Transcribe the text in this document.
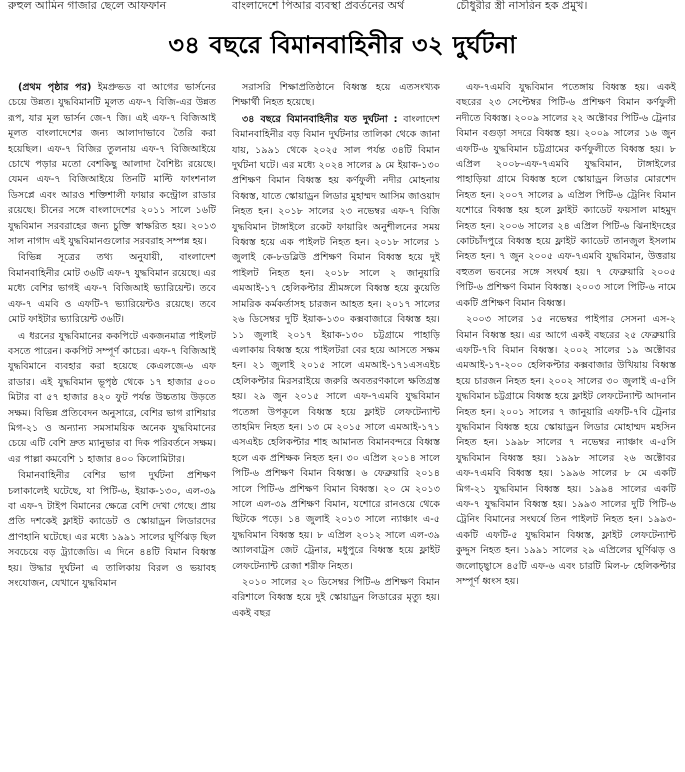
রুহুল আমিন গাজার ছেলে আফফান	বাংলাদেশে পিআর ব্যবস্থা প্রবর্তনের অর্থ	চৌধুরীর স্ত্রী নাসরিন হক প্রমুখ।
৩৪ বছরে বিমানবাহিনীর ৩২ দুর্ঘটনা

(প্রথম পৃষ্ঠার পর) ইমপ্রুভড বা আগের ভার্সনের চেয়ে উন্নত। যুদ্ধবিমানটি মূলত এফ-৭ বিজি-এর উন্নত রূপ, যার মূল ভার্সন জে-৭ জি। এই এফ-৭ বিজিআই মূলত বাংলাদেশের জন্য আলাদাভাবে তৈরি করা হয়েছিল। এফ-৭ বিজির তুলনায় এফ-৭ বিজিআইয়ে চোখে পড়ার মতো বেশকিছু আলাদা বৈশিষ্ট্য রয়েছে। যেমন এফ-৭ বিজিআইয়ে তিনটি মাল্টি ফাংশনাল ডিসপ্লে এবং আরও শক্তিশালী ফায়ার কন্ট্রোল রাডার রয়েছে। চীনের সঙ্গে বাংলাদেশের ২০১১ সালে ১৬টি যুদ্ধবিমান সরবরাহের জন্য চুক্তি স্বাক্ষরিত হয়। ২০১৩ সাল নাগাদ এই যুদ্ধবিমানগুলোর সরবরাহ সম্পন্ন হয়।

বিভিন্ন সূত্রের তথ্য অনুযায়ী, বাংলাদেশ বিমানবাহিনীর মোট ৩৬টি এফ-৭ যুদ্ধবিমান রয়েছে। এর মধ্যে বেশির ভাগই এফ-৭ বিজিআই ভ্যারিয়েন্ট। তবে এফ-৭ এমবি ও এফটি-৭ ভ্যারিয়েন্টও রয়েছে। তবে মোট ফাইটার ভ্যারিয়েন্ট ৩৬টি।

এ ধরনের যুদ্ধবিমানের ককপিটে একজনমাত্র পাইলট বসতে পারেন। ককপিট সম্পূর্ণ কাচের। এফ-৭ বিজিআই যুদ্ধবিমানে ব্যবহার করা হয়েছে কেএলজে-৬ এফ রাডার। এই যুদ্ধবিমান ভূপৃষ্ঠ থেকে ১৭ হাজার ৫০০ মিটার বা ৫৭ হাজার ৪২০ ফুট পর্যন্ত উচ্চতায় উড়তে সক্ষম। বিভিন্ন প্রতিবেদন অনুসারে, বেশির ভাগ রাশিয়ার মিগ-২১ ও অন্যান্য সমসাময়িক অনেক যুদ্ধবিমানের চেয়ে এটি বেশি দ্রুত ম্যানুভার বা দিক পরিবর্তনে সক্ষম। এর পাল্লা কমবেশি ১ হাজার ৪০০ কিলোমিটার।

বিমানবাহিনীর বেশির ভাগ দুর্ঘটনা প্রশিক্ষণ চলাকালেই ঘটেছে, যা পিটি-৬, ইয়াক-১৩০, এল-৩৯ বা এফ-৭ টাইপ বিমানের ক্ষেত্রে বেশি দেখা গেছে। প্রায় প্রতি দশকেই ফ্লাইট ক্যাডেট ও স্কোয়াড্রন লিডারদের প্রাণহানি ঘটেছে। এর মধ্যে ১৯৯১ সালের ঘূর্ণিঝড় ছিল সবচেয়ে বড় ট্র্যাজেডি। এ দিনে ৪৪টি বিমান বিধ্বস্ত হয়। উদ্ধার দুর্ঘটনা এ তালিকায় বিরল ও ভয়াবহ সংযোজন, যেখানে যুদ্ধবিমান

সরাসরি শিক্ষাপ্রতিষ্ঠানে বিধ্বস্ত হয়ে এতসংখ্যক শিক্ষার্থী নিহত হয়েছে।

৩৪ বছরে বিমানবাহিনীর যত দুর্ঘটনা : বাংলাদেশ বিমানবাহিনীর বড় বিমান দুর্ঘটনার তালিকা থেকে জানা যায়, ১৯৯১ থেকে ২০২৫ সাল পর্যন্ত ৩৪টি বিমান দুর্ঘটনা ঘটে। এর মধ্যে ২০২৪ সালের ৯ মে ইয়াক-১৩০ প্রশিক্ষণ বিমান বিধ্বস্ত হয় কর্ণফুলী নদীর মোহনায় বিধ্বস্ত, যাতে স্কোয়াড্রন লিডার মুহাম্মদ আসিম জাওয়াদ নিহত হন। ২০১৮ সালের ২৩ নভেম্বর এফ-৭ বিজি যুদ্ধবিমান টাঙ্গাইলে রকেট ফায়ারিং অনুশীলনের সময় বিধ্বস্ত হয়ে এক পাইলট নিহত হন। ২০১৮ সালের ১ জুলাই কে-৮ডব্লিউ প্রশিক্ষণ বিমান বিধ্বস্ত হয়ে দুই পাইলট নিহত হন। ২০১৮ সালে ২ জানুয়ারি এমআই-১৭ হেলিকপ্টার শ্রীমঙ্গলে বিধ্বস্ত হয়ে কুয়েতি সামরিক কর্মকর্তাসহ চারজন আহত হন। ২০১৭ সালের ২৬ ডিসেম্বর দুটি ইয়াক-১৩০ কক্সবাজারে বিধ্বস্ত হয়। ১১ জুলাই ২০১৭ ইয়াক-১৩০ চট্টগ্রামে পাহাড়ি এলাকায় বিধ্বস্ত হয়ে পাইলটরা বের হয়ে আসতে সক্ষম হন। ২১ জুলাই ২০১৫ সালে এমআই-১৭১এসএইচ হেলিকপ্টার মিরসরাইয়ে জরুরি অবতরণকালে ক্ষতিগ্রস্ত হয়। ২৯ জুন ২০১৫ সালে এফ-৭এমবি যুদ্ধবিমান পতেঙ্গা উপকূলে বিধ্বস্ত হয়ে ফ্লাইট লেফটেন্যান্ট তাহমিদ নিহত হন। ১৩ মে ২০১৫ সালে এমআই-১৭১ এসএইচ হেলিকপ্টার শাহ আমানত বিমানবন্দরে বিধ্বস্ত হলে এক প্রশিক্ষক নিহত হন। ৩০ এপ্রিল ২০১৪ সালে পিটি-৬ প্রশিক্ষণ বিমান বিধ্বস্ত। ৬ ফেব্রুয়ারি ২০১৪ সালে পিটি-৬ প্রশিক্ষণ বিমান বিধ্বস্ত। ২০ মে ২০১৩ সালে এল-৩৯ প্রশিক্ষণ বিমান, যশোরে রানওয়ে থেকে ছিটকে পড়ে। ১৪ জুলাই ২০১৩ সালে ন্যাঞ্চাং এ-৫ যুদ্ধবিমান বিধ্বস্ত হয়। ৮ এপ্রিল ২০১২ সালে এল-৩৯ অ্যালবাট্রস জেট ট্রেনার, মধুপুরে বিধ্বস্ত হয়ে ফ্লাইট লেফটেন্যান্ট রেজা শরীফ নিহত।

২০১০ সালের ২০ ডিসেম্বর পিটি-৬ প্রশিক্ষণ বিমান বরিশালে বিধ্বস্ত হয়ে দুই স্কোয়াড্রন লিডারের মৃত্যু হয়। একই বছর

এফ-৭এমবি যুদ্ধবিমান পতেঙ্গায় বিধ্বস্ত হয়। একই বছরের ২৩ সেপ্টেম্বর পিটি-৬ প্রশিক্ষণ বিমান কর্ণফুলী নদীতে বিধ্বস্ত। ২০০৯ সালের ২২ অক্টোবর পিটি-৬ ট্রেনার বিমান বগুড়া সদরে বিধ্বস্ত হয়। ২০০৯ সালের ১৬ জুন এফটি-৬ যুদ্ধবিমান চট্টগ্রামের কর্ণফুলীতে বিধ্বস্ত হয়। ৮ এপ্রিল ২০০৮-এফ-৭এমবি যুদ্ধবিমান, টাঙ্গাইলের পাহাড়িয়া গ্রামে বিধ্বস্ত হলে স্কোয়াড্রন লিডার মোরশেদ নিহত হন। ২০০৭ সালের ৯ এপ্রিল পিটি-৬ ট্রেনিং বিমান যশোরে বিধ্বস্ত হয় হলে ফ্লাইট ক্যাডেট ফয়সাল মাহমুদ নিহত হন। ২০০৬ সালের ২৪ এপ্রিল পিটি-৬ ঝিনাইদহের কোটচাঁদপুরে বিধ্বস্ত হয়ে ফ্লাইট ক্যাডেট তানজুল ইসলাম নিহত হন। ৭ জুন ২০০৫ এফ-৭এমবি যুদ্ধবিমান, উত্তরায় বহুতল ভবনের সঙ্গে সংঘর্ষ হয়। ৭ ফেব্রুয়ারি ২০০৫ পিটি-৬ প্রশিক্ষণ বিমান বিধ্বস্ত। ২০০৩ সালে পিটি-৬ নামে একটি প্রশিক্ষণ বিমান বিধ্বস্ত।

২০০৩ সালের ১৫ নভেম্বর পাইপার সেসনা এস-২ বিমান বিধ্বস্ত হয়। এর আগে একই বছরের ২৫ ফেব্রুয়ারি এফটি-৭বি বিমান বিধ্বস্ত। ২০০২ সালের ১৯ অক্টোবর এমআই-১৭-২০০ হেলিকপ্টার কক্সবাজার উখিয়ায় বিধ্বস্ত হয়ে চারজন নিহত হন। ২০০২ সালের ৩০ জুলাই এ-৫সি যুদ্ধবিমান চট্টগ্রামে বিধ্বস্ত হয়ে ফ্লাইট লেফটেন্যান্ট আদনান নিহত হন। ২০০১ সালের ৭ জানুয়ারি এফটি-৭বি ট্রেনার যুদ্ধবিমান বিধ্বস্ত হয়ে স্কোয়াড্রন লিডার মোহাম্মদ মহসিন নিহত হন। ১৯৯৮ সালের ৭ নভেম্বর ন্যাঞ্চাং এ-৫সি যুদ্ধবিমান বিধ্বস্ত হয়। ১৯৯৮ সালের ২৬ অক্টোবর এফ-৭এমবি বিধ্বস্ত হয়। ১৯৯৬ সালের ৮ মে একটি মিগ-২১ যুদ্ধবিমান বিধ্বস্ত হয়। ১৯৯৪ সালের একটি এফ-৭ যুদ্ধবিমান বিধ্বস্ত হয়। ১৯৯৩ সালের দুটি পিটি-৬ ট্রেনিং বিমানের সংঘর্ষে তিন পাইলট নিহত হন। ১৯৯৩-একটি এফটি-৫ যুদ্ধবিমান বিধ্বস্ত, ফ্লাইট লেফটেন্যান্ট কুদ্দুস নিহত হন। ১৯৯১ সালের ২৯ এপ্রিলের ঘূর্ণিঝড় ও জলোচ্ছ্বাসে ৪৫টি এফ-৬ এবং চারটি মিল-৮ হেলিকপ্টার সম্পূর্ণ ধ্বংস হয়।
